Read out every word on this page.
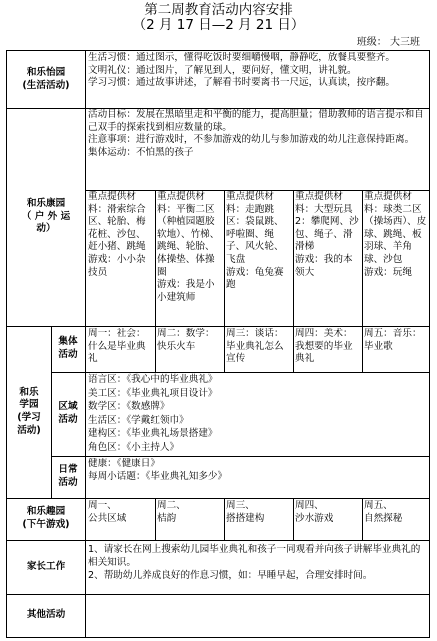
第二周教育活动内容安排
（2 月 17 日—2 月 21 日）
班级： 大三班
和乐怡园
(生活活动)
生活习惯：通过图示，懂得吃饭时要细嚼慢咽，静静吃，放餐具要整齐。
文明礼仪：通过图片，了解见到人，要问好，懂文明，讲礼貌。
学习习惯：通过故事讲述，了解看书时要离书一尺远，认真读，按序翻。
和乐康园
（ 户 外 运
动）
活动目标：发展在黑暗里走和平衡的能力，提高胆量；借助教师的语言提示和自己双手的探索找到相应数量的球。
注意事项：进行游戏时，不参加游戏的幼儿与参加游戏的幼儿注意保持距离。
集体运动：不怕黑的孩子
重点提供材料：滑索综合区、轮胎、梅花桩、沙包、赶小猪、跳绳
游戏：小小杂技员
重点提供材料：平衡二区（种植园题胶软地）、竹梯、跳绳、轮胎、体操垫、体操圈
游戏：我是小小建筑师
重点提供材料：走跑跳区：袋鼠跳、呼啦圈、绳子、风火轮、飞盘
游戏：龟兔赛跑
重点提供材料：大型玩具 2：攀爬网、沙包、绳子、滑滑梯
游戏：我的本领大
重点提供材料：球类二区（操场西）、皮球、跳绳、板羽球、羊角球、沙包
游戏：玩绳
和乐
学园
(学习
活动)
集体
活动
周一：社会：什么是毕业典礼
周二：数学：快乐火车
周三：谈话：毕业典礼怎么宣传
周四：美术：我想要的毕业典礼
周五：音乐：毕业歌
区域
活动
语言区：《我心中的毕业典礼》
美工区：《毕业典礼项目设计》
数学区：《数感牌》
生活区：《学戴红领巾》
建构区：《毕业典礼场景搭建》
角色区：《小主持人》
日常
活动
健康：《健康日》
每周小话题：《毕业典礼知多少》
和乐趣园
(下午游戏)
周一、
公共区域
周二、
桔韵
周三、
搭搭建构
周四、
沙水游戏
周五、
自然探秘
家长工作
1、请家长在网上搜索幼儿园毕业典礼和孩子一同观看并向孩子讲解毕业典礼的相关知识。
2、帮助幼儿养成良好的作息习惯，如：早睡早起，合理安排时间。
其他活动
